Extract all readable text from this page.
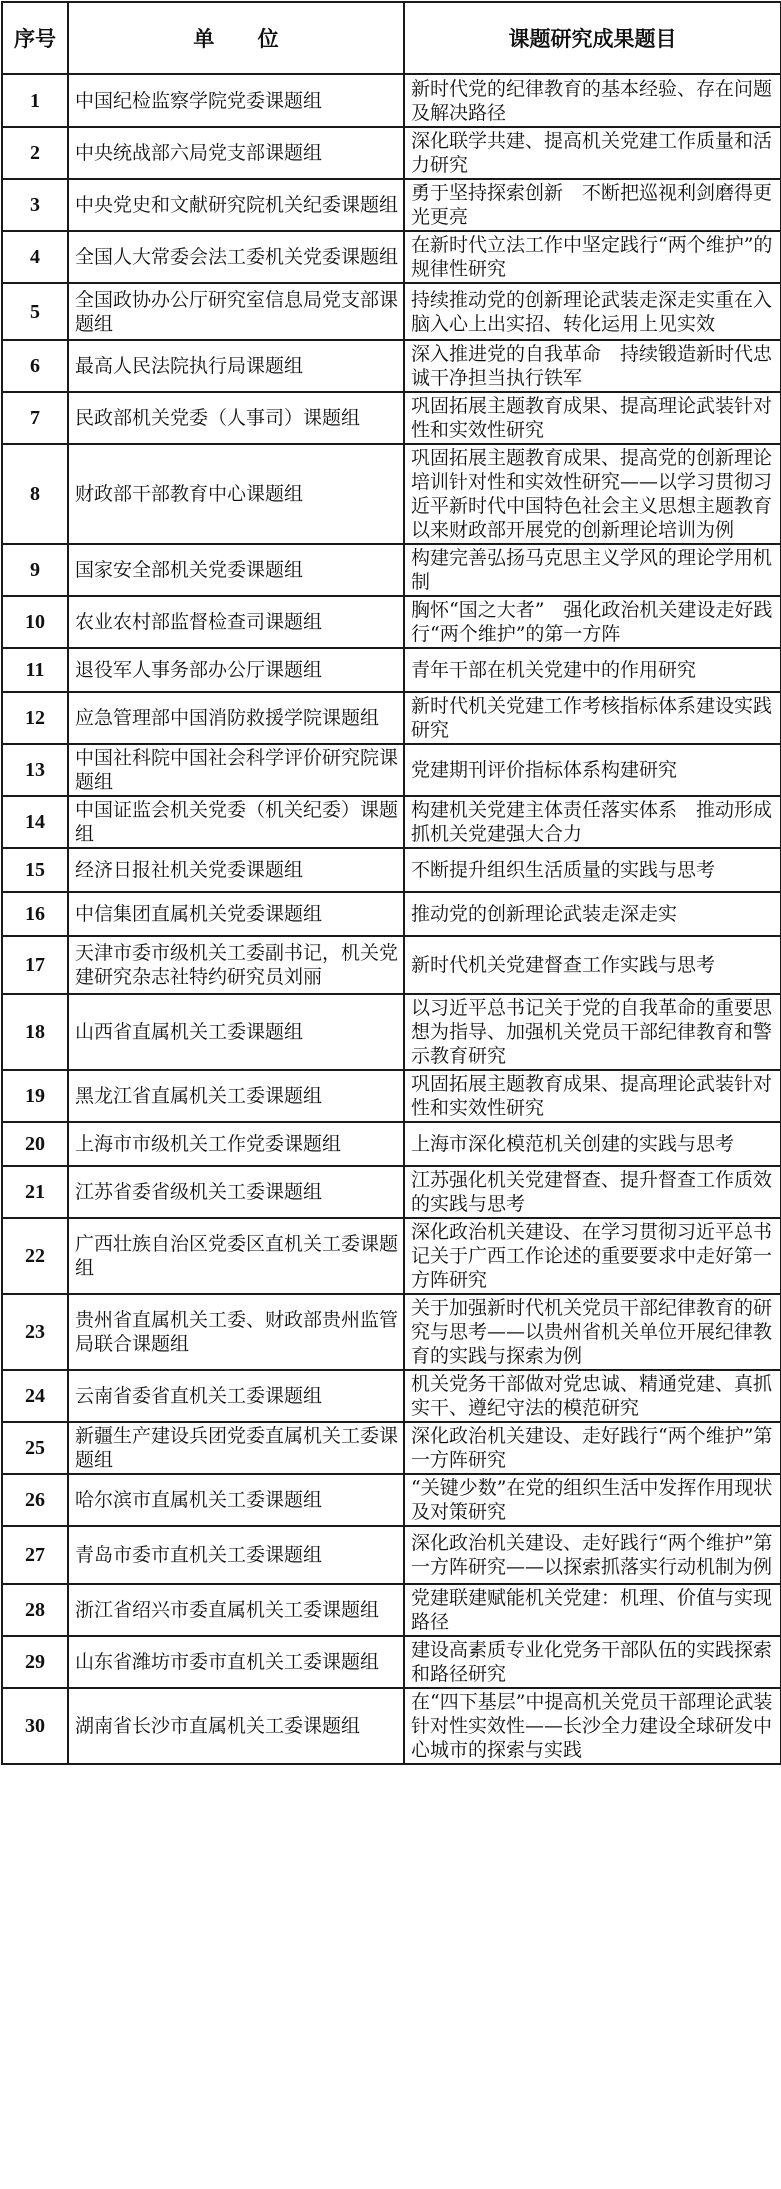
序号	单 位	课题研究成果题目
1	中国纪检监察学院党委课题组	新时代党的纪律教育的基本经验、存在问题及解决路径
2	中央统战部六局党支部课题组	深化联学共建、提高机关党建工作质量和活力研究
3	中央党史和文献研究院机关纪委课题组	勇于坚持探索创新　不断把巡视利剑磨得更光更亮
4	全国人大常委会法工委机关党委课题组	在新时代立法工作中坚定践行“两个维护”的规律性研究
5	全国政协办公厅研究室信息局党支部课题组	持续推动党的创新理论武装走深走实重在入脑入心上出实招、转化运用上见实效
6	最高人民法院执行局课题组	深入推进党的自我革命　持续锻造新时代忠诚干净担当执行铁军
7	民政部机关党委（人事司）课题组	巩固拓展主题教育成果、提高理论武装针对性和实效性研究
8	财政部干部教育中心课题组	巩固拓展主题教育成果、提高党的创新理论培训针对性和实效性研究——以学习贯彻习近平新时代中国特色社会主义思想主题教育以来财政部开展党的创新理论培训为例
9	国家安全部机关党委课题组	构建完善弘扬马克思主义学风的理论学用机制
10	农业农村部监督检查司课题组	胸怀“国之大者”　强化政治机关建设走好践行“两个维护”的第一方阵
11	退役军人事务部办公厅课题组	青年干部在机关党建中的作用研究
12	应急管理部中国消防救援学院课题组	新时代机关党建工作考核指标体系建设实践研究
13	中国社科院中国社会科学评价研究院课题组	党建期刊评价指标体系构建研究
14	中国证监会机关党委（机关纪委）课题组	构建机关党建主体责任落实体系　推动形成抓机关党建强大合力
15	经济日报社机关党委课题组	不断提升组织生活质量的实践与思考
16	中信集团直属机关党委课题组	推动党的创新理论武装走深走实
17	天津市委市级机关工委副书记，机关党建研究杂志社特约研究员刘丽	新时代机关党建督查工作实践与思考
18	山西省直属机关工委课题组	以习近平总书记关于党的自我革命的重要思想为指导、加强机关党员干部纪律教育和警示教育研究
19	黑龙江省直属机关工委课题组	巩固拓展主题教育成果、提高理论武装针对性和实效性研究
20	上海市市级机关工作党委课题组	上海市深化模范机关创建的实践与思考
21	江苏省委省级机关工委课题组	江苏强化机关党建督查、提升督查工作质效的实践与思考
22	广西壮族自治区党委区直机关工委课题组	深化政治机关建设、在学习贯彻习近平总书记关于广西工作论述的重要要求中走好第一方阵研究
23	贵州省直属机关工委、财政部贵州监管局联合课题组	关于加强新时代机关党员干部纪律教育的研究与思考——以贵州省机关单位开展纪律教育的实践与探索为例
24	云南省委省直机关工委课题组	机关党务干部做对党忠诚、精通党建、真抓实干、遵纪守法的模范研究
25	新疆生产建设兵团党委直属机关工委课题组	深化政治机关建设、走好践行“两个维护”第一方阵研究
26	哈尔滨市直属机关工委课题组	“关键少数”在党的组织生活中发挥作用现状及对策研究
27	青岛市委市直机关工委课题组	深化政治机关建设、走好践行“两个维护”第一方阵研究——以探索抓落实行动机制为例
28	浙江省绍兴市委直属机关工委课题组	党建联建赋能机关党建：机理、价值与实现路径
29	山东省潍坊市委市直机关工委课题组	建设高素质专业化党务干部队伍的实践探索和路径研究
30	湖南省长沙市直属机关工委课题组	在“四下基层”中提高机关党员干部理论武装针对性实效性——长沙全力建设全球研发中心城市的探索与实践
